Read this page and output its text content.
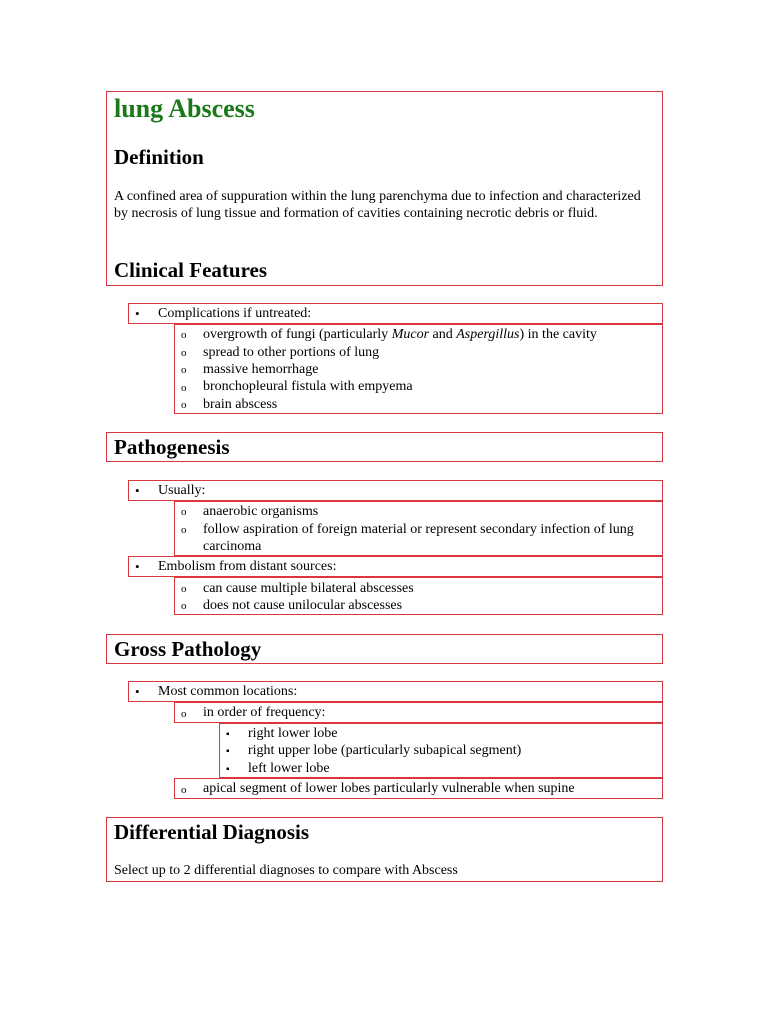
lung Abscess
Definition
A confined area of suppuration within the lung parenchyma due to infection and characterized by necrosis of lung tissue and formation of cavities containing necrotic debris or fluid.
Clinical Features
• Complications if untreated:
o overgrowth of fungi (particularly Mucor and Aspergillus) in the cavity
o spread to other portions of lung
o massive hemorrhage
o bronchopleural fistula with empyema
o brain abscess
Pathogenesis
• Usually:
o anaerobic organisms
o follow aspiration of foreign material or represent secondary infection of lung carcinoma
• Embolism from distant sources:
o can cause multiple bilateral abscesses
o does not cause unilocular abscesses
Gross Pathology
• Most common locations:
o in order of frequency:
▪ right lower lobe
▪ right upper lobe (particularly subapical segment)
▪ left lower lobe
o apical segment of lower lobes particularly vulnerable when supine
Differential Diagnosis
Select up to 2 differential diagnoses to compare with Abscess
